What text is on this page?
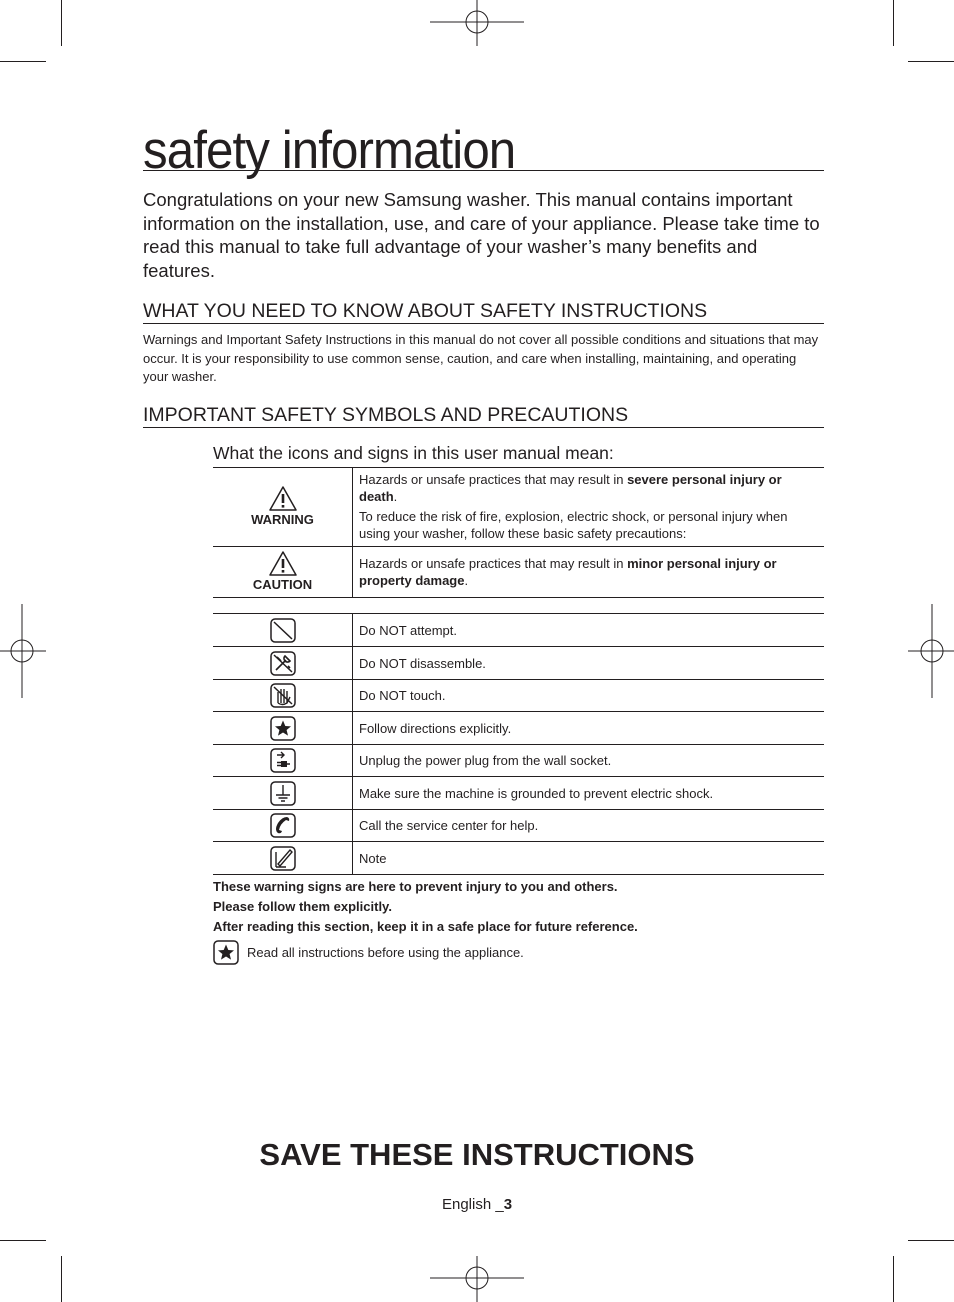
safety information

Congratulations on your new Samsung washer. This manual contains important information on the installation, use, and care of your appliance. Please take time to read this manual to take full advantage of your washer’s many benefits and features.

WHAT YOU NEED TO KNOW ABOUT SAFETY INSTRUCTIONS

Warnings and Important Safety Instructions in this manual do not cover all possible conditions and situations that may occur. It is your responsibility to use common sense, caution, and care when installing, maintaining, and operating your washer.

IMPORTANT SAFETY SYMBOLS AND PRECAUTIONS
What the icons and signs in this user manual mean:
WARNING	Hazards or unsafe practices that may result in severe personal injury or death.
To reduce the risk of fire, explosion, electric shock, or personal injury when using your washer, follow these basic safety precautions:

CAUTION	Hazards or unsafe practices that may result in minor personal injury or property damage.
	Do NOT attempt.
	Do NOT disassemble.
	Do NOT touch.
	Follow directions explicitly.
	Unplug the power plug from the wall socket.
	Make sure the machine is grounded to prevent electric shock.
	Call the service center for help.
	Note
These warning signs are here to prevent injury to you and others.
Please follow them explicitly.
After reading this section, keep it in a safe place for future reference.
Read all instructions before using the appliance.
SAVE THESE INSTRUCTIONS
English _3
